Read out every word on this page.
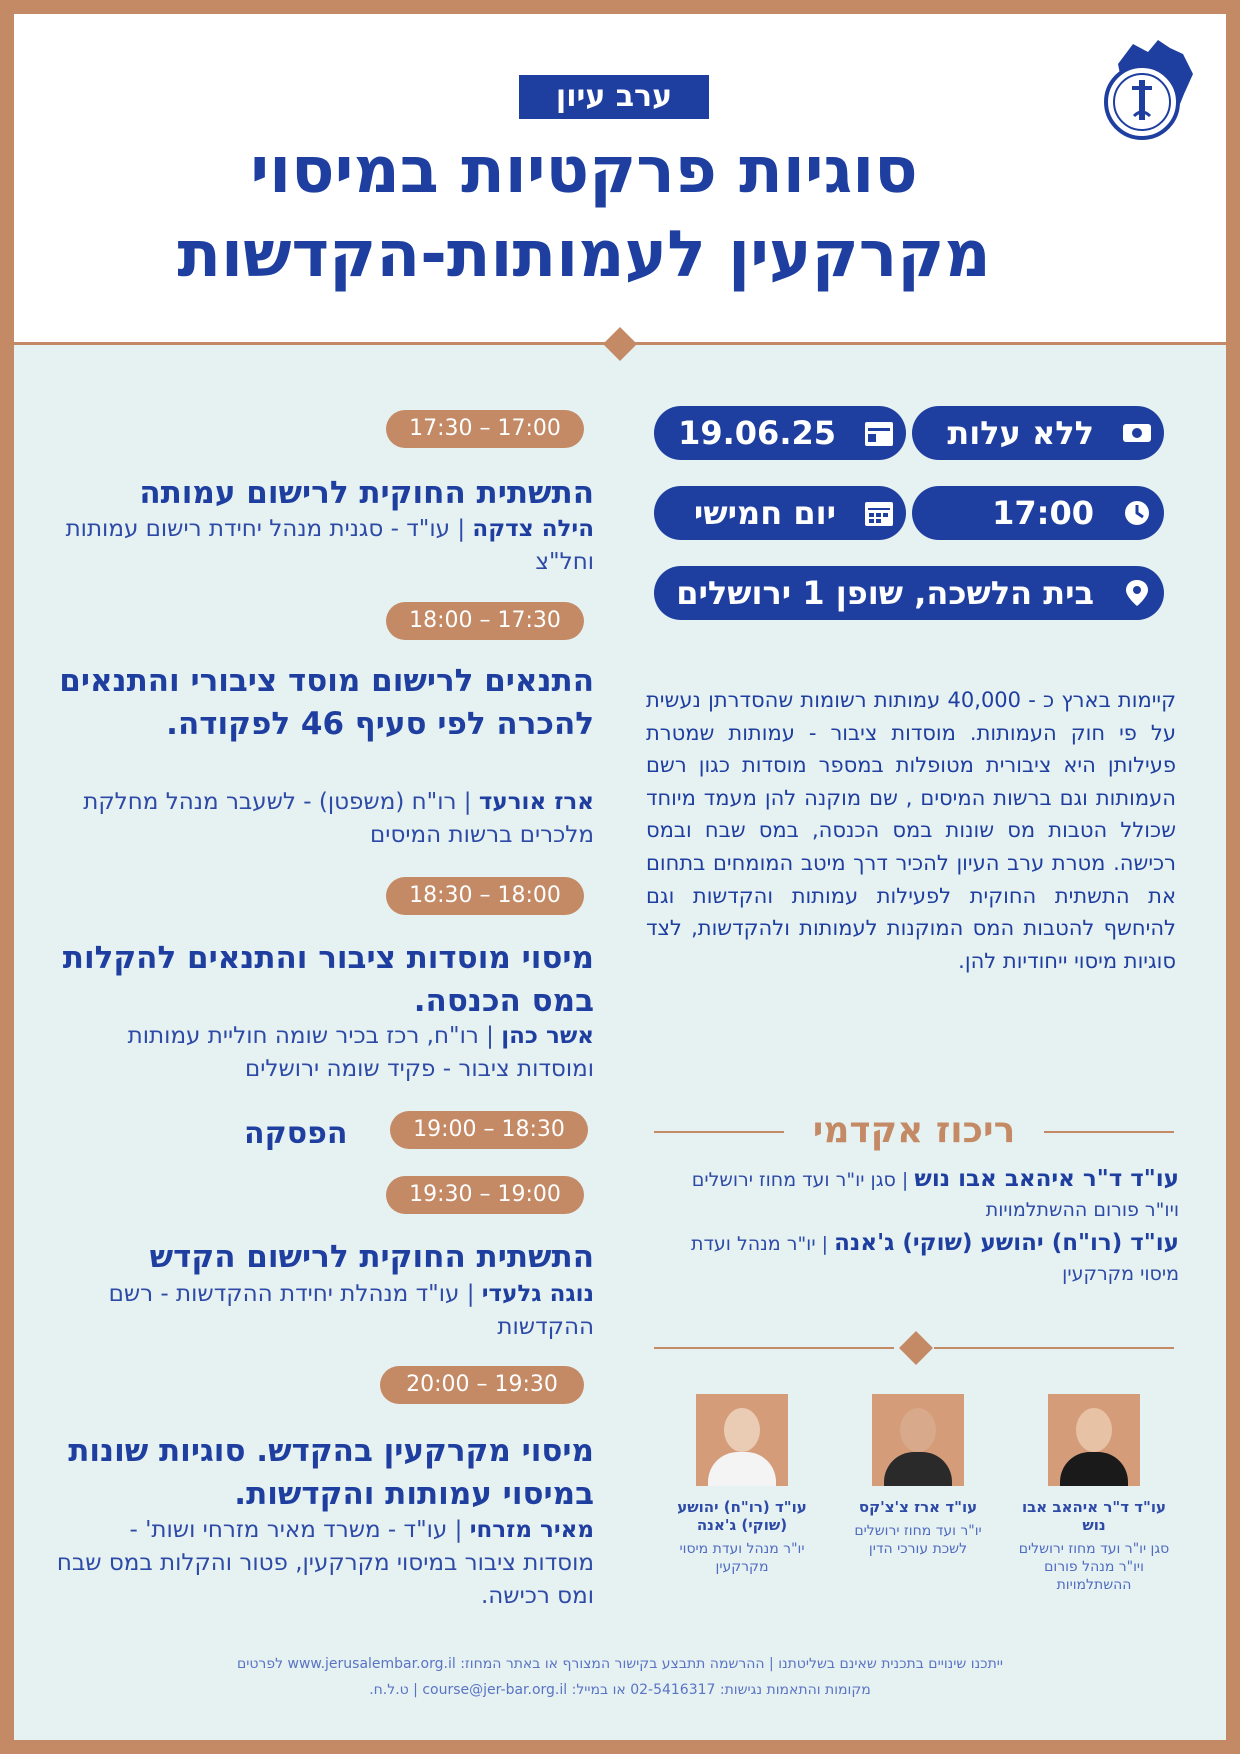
ערב עיון
סוגיות פרקטיות במיסוי
מקרקעין לעמותות-הקדשות
ללא עלות
19.06.25
17:00
יום חמישי
בית הלשכה, שופן 1 ירושלים
קיימות בארץ כ - 40,000 עמותות רשומות שהסדרתן נעשית על פי חוק העמותות. מוסדות ציבור - עמותות שמטרת פעילותן היא ציבורית מטופלות במספר מוסדות כגון רשם העמותות וגם ברשות המיסים , שם מוקנה להן מעמד מיוחד שכולל הטבות מס שונות במס הכנסה, במס שבח ובמס רכישה. מטרת ערב העיון להכיר דרך מיטב המומחים בתחום את התשתית החוקית לפעילות עמותות והקדשות וגם להיחשף להטבות המס המוקנות לעמותות ולהקדשות, לצד סוגיות מיסוי ייחודיות להן.
ריכוז אקדמי
עו"ד ד"ר איהאב אבו נוש | סגן יו"ר ועד מחוז ירושלים ויו"ר פורום ההשתלמויות
עו"ד (רו"ח) יהושע (שוקי) ג'אנה | יו"ר מנהל ועדת מיסוי מקרקעין
עו"ד ד"ר איהאב אבו נוש
סגן יו"ר ועד מחוז ירושלים ויו"ר מנהל פורום ההשתלמויות
עו"ד ארז צ'צ'קס
יו"ר ועד מחוז ירושלים לשכת עורכי הדין
עו"ד (רו"ח) יהושע (שוקי) ג'אנה
יו"ר מנהל ועדת מיסוי מקרקעין
17:30 – 17:00
התשתית החוקית לרישום עמותה
הילה צדקה | עו"ד - סגנית מנהל יחידת רישום עמותות וחל"צ
18:00 – 17:30
התנאים לרישום מוסד ציבורי והתנאים להכרה לפי סעיף 46 לפקודה.
ארז אורעד | רו"ח (משפטן) - לשעבר מנהל מחלקת מלכרים ברשות המיסים
18:30 – 18:00
מיסוי מוסדות ציבור והתנאים להקלות במס הכנסה.
אשר כהן | רו"ח, רכז בכיר שומה חוליית עמותות ומוסדות ציבור - פקיד שומה ירושלים
19:00 – 18:30
הפסקה
19:30 – 19:00
התשתית החוקית לרישום הקדש
נוגה גלעדי | עו"ד מנהלת יחידת ההקדשות - רשם ההקדשות
20:00 – 19:30
מיסוי מקרקעין בהקדש. סוגיות שונות במיסוי עמותות והקדשות.
מאיר מזרחי | עו"ד - משרד מאיר מזרחי ושות' - מוסדות ציבור במיסוי מקרקעין, פטור והקלות במס שבח ומס רכישה.
ייתכנו שינויים בתכנית שאינם בשליטתנו | ההרשמה תתבצע בקישור המצורף או באתר המחוז: www.jerusalembar.org.il לפרטים
מקומות והתאמות נגישות: 02-5416317 או במייל: course@jer-bar.org.il | ט.ל.ח.
